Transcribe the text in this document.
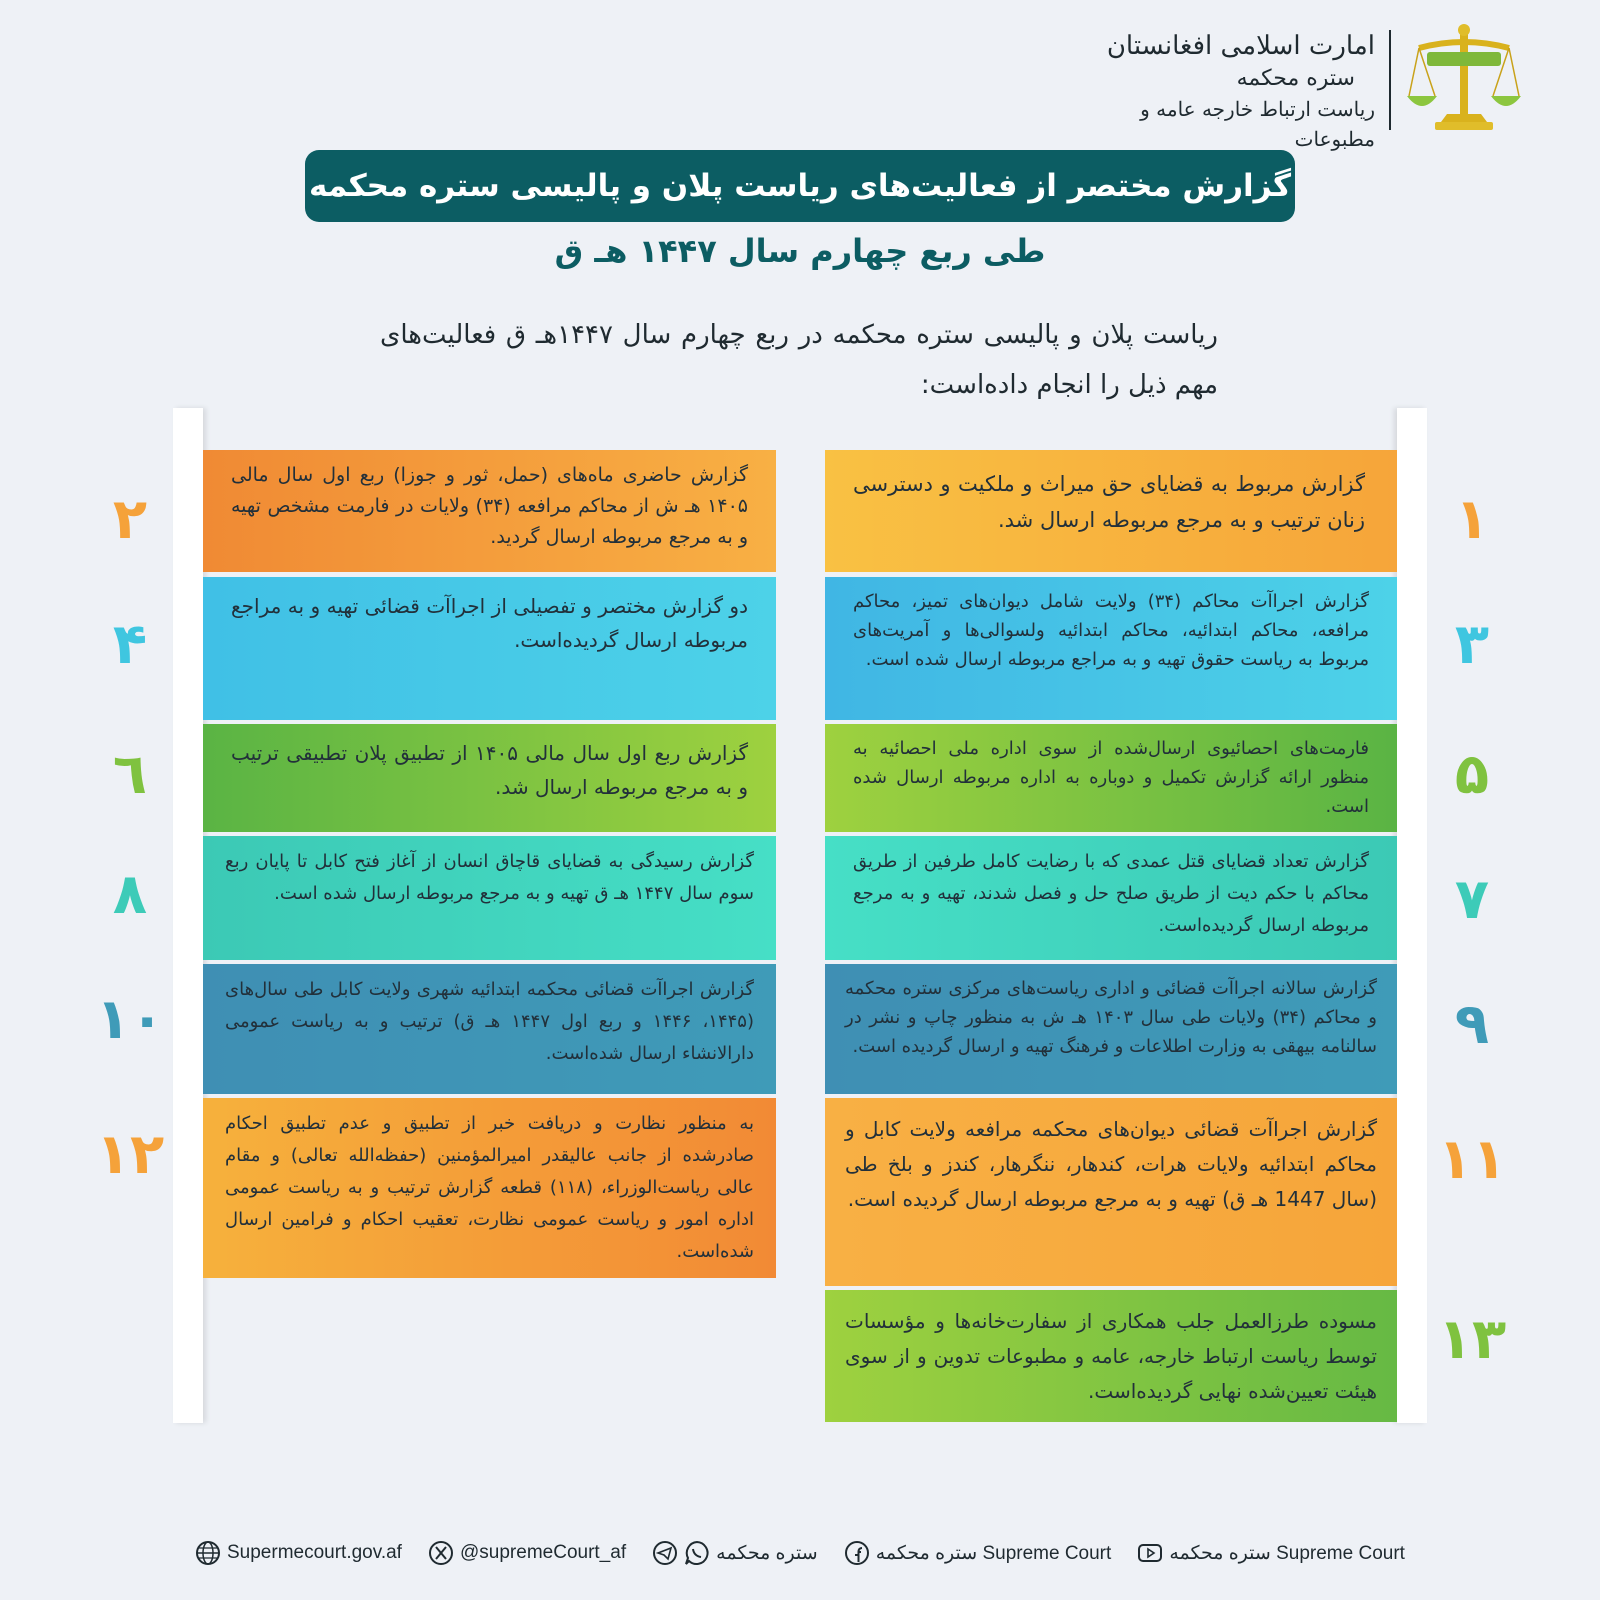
امارت اسلامی افغانستان
ستره محکمه
ریاست ارتباط خارجه عامه و مطبوعات
گزارش مختصر از فعالیت‌های ریاست پلان و پالیسی ستره محکمه
طی ربع چهارم سال ۱۴۴۷ هـ ق
ریاست پلان و پالیسی ستره محکمه در ربع چهارم سال ۱۴۴۷هـ ق فعالیت‌های مهم ذیل را انجام داده‌است:
گزارش مربوط به قضایای حق میراث و ملکیت و دسترسی زنان ترتیب و به مرجع مربوطه ارسال شد.
گزارش اجراآت محاکم (۳۴) ولایت شامل دیوان‌های تمیز، محاکم مرافعه، محاکم ابتدائیه، محاکم ابتدائیه ولسوالی‌ها و آمریت‌های مربوط به ریاست حقوق تهیه و به مراجع مربوطه ارسال شده است.
فارمت‌های احصائیوی ارسال‌شده از سوی اداره ملی احصائیه به منظور ارائه گزارش تکمیل و دوباره به اداره مربوطه ارسال شده است.
گزارش تعداد قضایای قتل عمدی که با رضایت کامل طرفین از طریق محاکم با حکم دیت از طریق صلح حل و فصل شدند، تهیه و به مرجع مربوطه ارسال گردیده‌است.
گزارش سالانه اجراآت قضائی و اداری ریاست‌های مرکزی ستره محکمه و محاکم (۳۴) ولایات طی سال ۱۴۰۳ هـ ش به منظور چاپ و نشر در سالنامه بیهقی به وزارت اطلاعات و فرهنگ تهیه و ارسال گردیده است.
گزارش اجراآت قضائی دیوان‌های محکمه مرافعه ولایت کابل و محاکم ابتدائیه ولایات هرات، کندهار، ننگرهار، کندز و بلخ طی (سال 1447 هـ ق) تهیه و به مرجع مربوطه ارسال گردیده است.
مسوده طرزالعمل جلب همکاری از سفارت‌خانه‌ها و مؤسسات توسط ریاست ارتباط خارجه، عامه و مطبوعات تدوین و از سوی هیئت تعیین‌شده نهایی گردیده‌است.
گزارش حاضری ماه‌های (حمل، ثور و جوزا) ربع اول سال مالی ۱۴۰۵ هـ ش از محاکم مرافعه (۳۴) ولایات در فارمت مشخص تهیه و به مرجع مربوطه ارسال گردید.
دو گزارش مختصر و تفصیلی از اجراآت قضائی تهیه و به مراجع مربوطه ارسال گردیده‌است.
گزارش ربع اول سال مالی ۱۴۰۵ از تطبیق پلان تطبیقی ترتیب و به مرجع مربوطه ارسال شد.
گزارش رسیدگی به قضایای قاچاق انسان از آغاز فتح کابل تا پایان ربع سوم سال ۱۴۴۷ هـ ق تهیه و به مرجع مربوطه ارسال شده است.
گزارش اجراآت قضائی محکمه ابتدائیه شهری ولایت کابل طی سال‌های (۱۴۴۵، ۱۴۴۶ و ربع اول ۱۴۴۷ هـ ق) ترتیب و به ریاست عمومی دارالانشاء ارسال شده‌است.
به منظور نظارت و دریافت خبر از تطبیق و عدم تطبیق احکام صادرشده از جانب عالیقدر امیرالمؤمنین (حفظه‌الله تعالی) و مقام عالی ریاست‌الوزراء، (۱۱۸) قطعه گزارش ترتیب و به ریاست عمومی اداره امور و ریاست عمومی نظارت، تعقیب احکام و فرامین ارسال شده‌است.
۱
۳
۵
۷
۹
۱۱
۱۳
۲
۴
٦
۸
۱۰
۱۲
Supermecourt.gov.af	@supremeCourt_af	ستره محکمه	ستره محکمه Supreme Court	ستره محکمه Supreme Court
